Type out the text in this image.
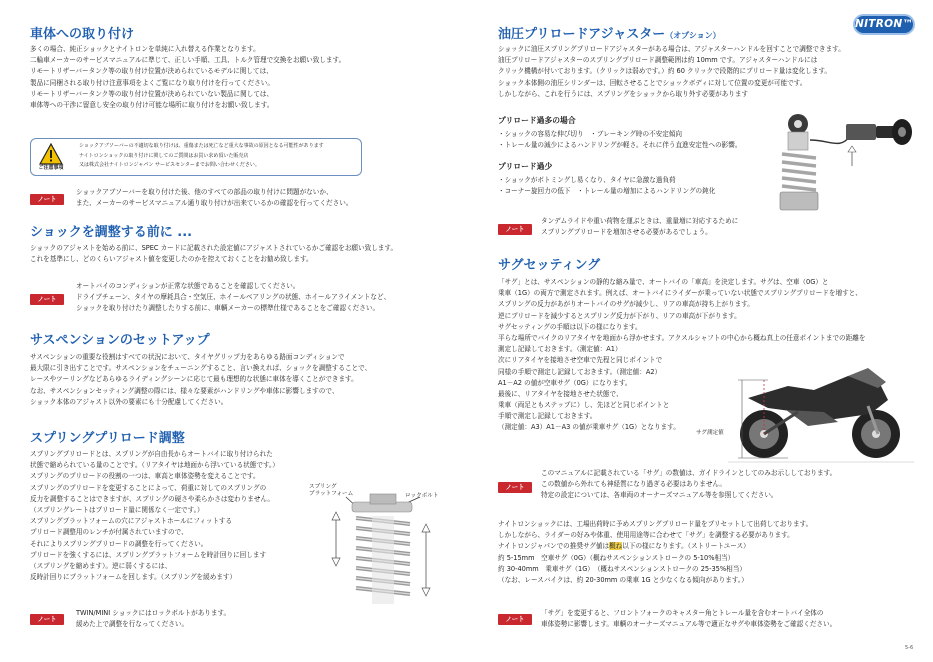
NITRON™
5-6
車体への取り付け
多くの場合、純正ショックとナイトロンを単純に入れ替える作業となります。
二輪車メーカーのサービスマニュアルに準じて、正しい手順、工具、トルク管理で交換をお願い致します。
リモートリザーバータンク等の取り付け位置が決められているモデルに関しては、
製品に同梱される取り付け注意事項をよくご覧になり取り付けを行ってください。
リモートリザーバータンク等の取り付け位置が決められていない製品に関しては、
車体等への干渉に留意し安全の取り付け可能な場所に取り付けをお願い致します。
ご注意事項
ショックアブソーバーの不適切な取り付けは、重傷または死亡など重大な事故の原因となる可能性があります
ナイトロンショックの取り付けに関してのご質問はお買い求め頂いた販売店
又は株式会社ナイトロンジャパン サービスセンターまでお問い合わせください。
ノート
ショックアブソーバーを取り付けた後、他のすべての部品の取り付けに問題がないか、
また、メーカーのサービスマニュアル通り取り付けが出来ているかの確認を行ってください。
ショックを調整する前に ...
ショックのアジャストを始める前に、SPEC カードに記載された設定値にアジャストされているかご確認をお願い致します。
これを基準にし、どのくらいアジャスト値を変更したのかを控えておくことをお勧め致します。
ノート
オートバイのコンディションが正常な状態であることを確認してください。
ドライブチェーン、タイヤの摩耗具合・空気圧、ホイールベアリングの状態、ホイールアライメントなど、
ショックを取り付けたり調整したりする前に、車輌メーカーの標準仕様であることをご確認ください。
サスペンションのセットアップ
サスペンションの重要な役割はすべての状況において、タイヤグリップ力をあらゆる路面コンディションで
最大限に引き出すことです。サスペンションをチューニングすること、言い換えれば、ショックを調整することで、
レースやツーリングなどあらゆるライディングシーンに応じて最も理想的な状態に車体を導くことができます。
なお、サスペンションセッティング調整の際には、様々な要素がハンドリングや車体に影響しますので、
ショック本体のアジャスト以外の要素にも十分配慮してください。
スプリングプリロード調整
スプリングプリロードとは、スプリングが自由長からオートバイに取り付けられた
状態で縮められている量のことです。（リアタイヤは地面から浮いている状態です。）
スプリングのプリロードの役割の一つは、車高と車体姿勢を変えることです。
スプリングのプリロードを変更することによって、荷重に対してのスプリングの
反力を調整することはできますが、スプリングの硬さや柔らかさは変わりません。
（スプリングレートはプリロード量に関係なく一定です。）
スプリングプラットフォームの穴にアジャストホールにフィットする
プリロード調整用のレンチが付属されていますので、
それによりスプリングプリロードの調整を行ってください。
プリロードを強くするには、スプリングプラットフォームを時計回りに回します
（スプリングを縮めます）。逆に弱くするには、
反時計回りにプラットフォームを回します。（スプリングを緩めます）
スプリング
プラットフォーム	ロックボルト
ノート
TWIN/MINI ショックにはロックボルトがあります。
緩めた上で調整を行なってください。
油圧プリロードアジャスター（オプション）
ショックに油圧スプリングプリロードアジャスターがある場合は、アジャスターハンドルを回すことで調整できます。
油圧プリロードアジャスターのスプリングプリロード調整範囲は約 10mm です。アジャスターハンドルには
クリック機構が付いております。（クリックは弱めです。）約 60 クリックで段階的にプリロード量は変化します。
ショック本体側の油圧シリンダーは、回転させることでショックボディに対して位置の変更が可能です。
しかしながら、これを行うには、スプリングをショックから取り外す必要があります
プリロード過多の場合
・ショックの容易な伸び切り　・ブレーキング時の不安定傾向
・トレール量の減少によるハンドリングが軽さ。それに伴う直進安定性への影響。
プリロード過少
・ショックがボトミングし易くなり、タイヤに急激な過負荷
・コーナー旋回力の低下　・トレール量の増加によるハンドリングの鈍化
ノート
タンデムライドや重い荷物を運ぶときは、重量増に対応するために
スプリングプリロードを増加させる必要があるでしょう。
サグセッティング
「サグ」とは、サスペンションの静的な縮み量で、オートバイの「車高」を決定します。サグは、空車（0G）と
乗車（1G）の両方で測定されます。例えば、オートバイにライダーが乗っていない状態でスプリングプリロードを増すと、
スプリングの反力があがりオートバイのサグが減少し、リアの車高が持ち上がります。
逆にプリロードを減少するとスプリング反力が下がり、リアの車高が下がります。
サグセッティングの手順は以下の様になります。
平らな場所でバイクのリアタイヤを地面から浮かせます。アクスルシャフトの中心から概ね真上の任意ポイントまでの距離を
測定し記録しておきます。（測定値：A1）
次にリアタイヤを接地させ空車で先程と同じポイントで
同様の手順で測定し記録しておきます。（測定値：A2）
A1－A2 の値が空車サグ（0G）になります。
最後に、リアタイヤを接地させた状態で、
乗車（両足ともステップに）し、先ほどと同じポイントと
手順で測定し記録しておきます。
（測定値：A3）A1－A3 の値が乗車サグ（1G）となります。
サグ測定値
ノート
このマニュアルに記載されている「サグ」の数値は、ガイドラインとしてのみお示ししております。
この数値から外れても神経質になり過ぎる必要はありません。
特定の設定については、各車両のオーナーズマニュアル等を参照してください。
ナイトロンショックには、工場出荷時に予めスプリングプリロード量をプリセットして出荷しております。
しかしながら、ライダーの好みや体重、使用用途等に合わせて「サグ」を調整する必要があります。
ナイトロンジャパンでの推奨サグ値は概ね以下の様になります。（ストリートユース）
約 5-15mm　空車サグ（0G）（概ねサスペンションストロークの 5-10%相当）
約 30-40mm　乗車サグ（1G）　（概ねサスペンションストロークの 25-35%相当）
（なお、レースバイクは、約 20-30mm の乗車 1G と少なくなる傾向があります。）
ノート
「サグ」を変更すると、フロントフォークのキャスター角とトレール量を含むオートバイ全体の
車体姿勢に影響します。車輌のオーナーズマニュアル等で適正なサグや車体姿勢をご確認ください。
